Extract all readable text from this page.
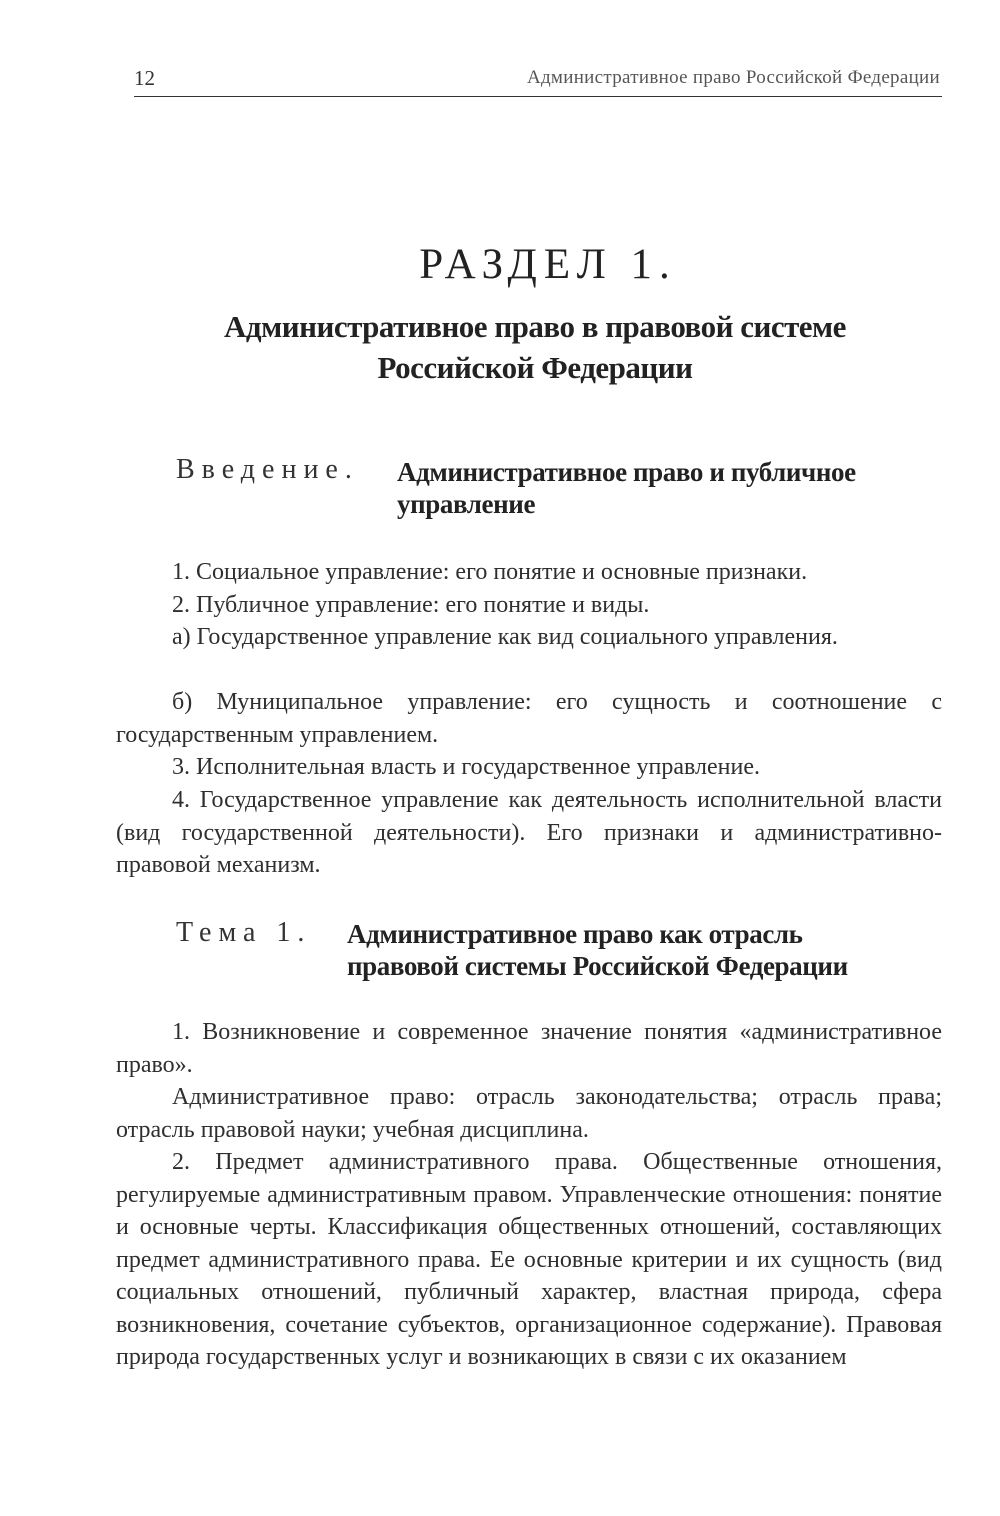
12	Административное право Российской Федерации
РАЗДЕЛ 1.
Административное право в правовой системе
Российской Федерации
Введение. Административное право и публичное
управление

1. Социальное управление: его понятие и основные признаки.

2. Публичное управление: его понятие и виды.

а) Государственное управление как вид социального управления.

б) Муниципальное управление: его сущность и соотношение с государственным управлением.

3. Исполнительная власть и государственное управление.

4. Государственное управление как деятельность исполнительной власти (вид государственной деятельности). Его признаки и административно-правовой механизм.

Тема 1. Административное право как отрасль
правовой системы Российской Федерации

1. Возникновение и современное значение понятия «административное право».

Административное право: отрасль законодательства; отрасль права; отрасль правовой науки; учебная дисциплина.

2. Предмет административного права. Общественные отношения, регулируемые административным правом. Управленческие отношения: понятие и основные черты. Классификация общественных отношений, составляющих предмет административного права. Ее основные критерии и их сущность (вид социальных отношений, публичный характер, властная природа, сфера возникновения, сочетание субъектов, организационное содержание). Правовая природа государственных услуг и возникающих в связи с их оказанием
